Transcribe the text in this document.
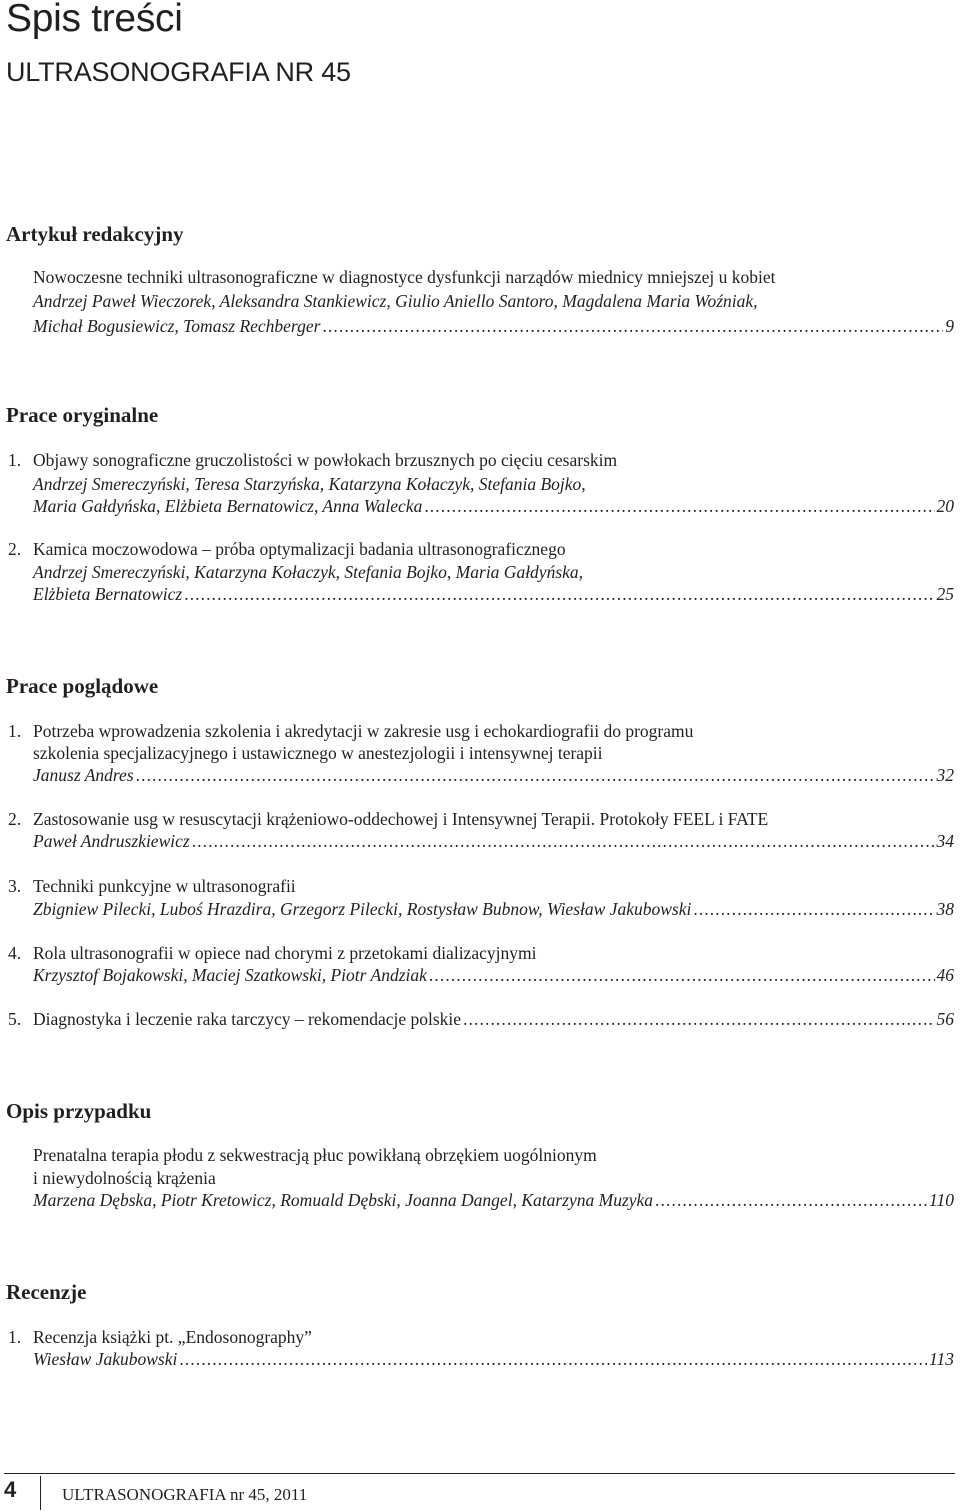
Spis treści
ULTRASONOGRAFIA NR 45
Artykuł redakcyjny
Nowoczesne techniki ultrasonograficzne w diagnostyce dysfunkcji narządów miednicy mniejszej u kobiet
Andrzej Paweł Wieczorek, Aleksandra Stankiewicz, Giulio Aniello Santoro, Magdalena Maria Woźniak,
Michał Bogusiewicz, Tomasz Rechberger .....	9
Prace oryginalne
1. Objawy sonograficzne gruczolistości w powłokach brzusznych po cięciu cesarskim
Andrzej Smereczyński, Teresa Starzyńska, Katarzyna Kołaczyk, Stefania Bojko,
Maria Gałdyńska, Elżbieta Bernatowicz, Anna Walecka .....	20
2. Kamica moczowodowa – próba optymalizacji badania ultrasonograficznego
Andrzej Smereczyński, Katarzyna Kołaczyk, Stefania Bojko, Maria Gałdyńska,
Elżbieta Bernatowicz .....	25
Prace poglądowe
1. Potrzeba wprowadzenia szkolenia i akredytacji w zakresie usg i echokardiografii do programu
szkolenia specjalizacyjnego i ustawicznego w anestezjologii i intensywnej terapii
Janusz Andres .....	32
2. Zastosowanie usg w resuscytacji krążeniowo-oddechowej i Intensywnej Terapii. Protokoły FEEL i FATE
Paweł Andruszkiewicz .....	34
3. Techniki punkcyjne w ultrasonografii
Zbigniew Pilecki, Luboś Hrazdira, Grzegorz Pilecki, Rostysław Bubnow, Wiesław Jakubowski .....	38
4. Rola ultrasonografii w opiece nad chorymi z przetokami dializacyjnymi
Krzysztof Bojakowski, Maciej Szatkowski, Piotr Andziak .....	46
5. Diagnostyka i leczenie raka tarczycy – rekomendacje polskie .....	56
Opis przypadku
Prenatalna terapia płodu z sekwestracją płuc powikłaną obrzękiem uogólnionym
i niewydolnością krążenia
Marzena Dębska, Piotr Kretowicz, Romuald Dębski, Joanna Dangel, Katarzyna Muzyka .....	110
Recenzje
1. Recenzja książki pt. „Endosonography”
Wiesław Jakubowski .....	113
4	ULTRASONOGRAFIA nr 45, 2011
